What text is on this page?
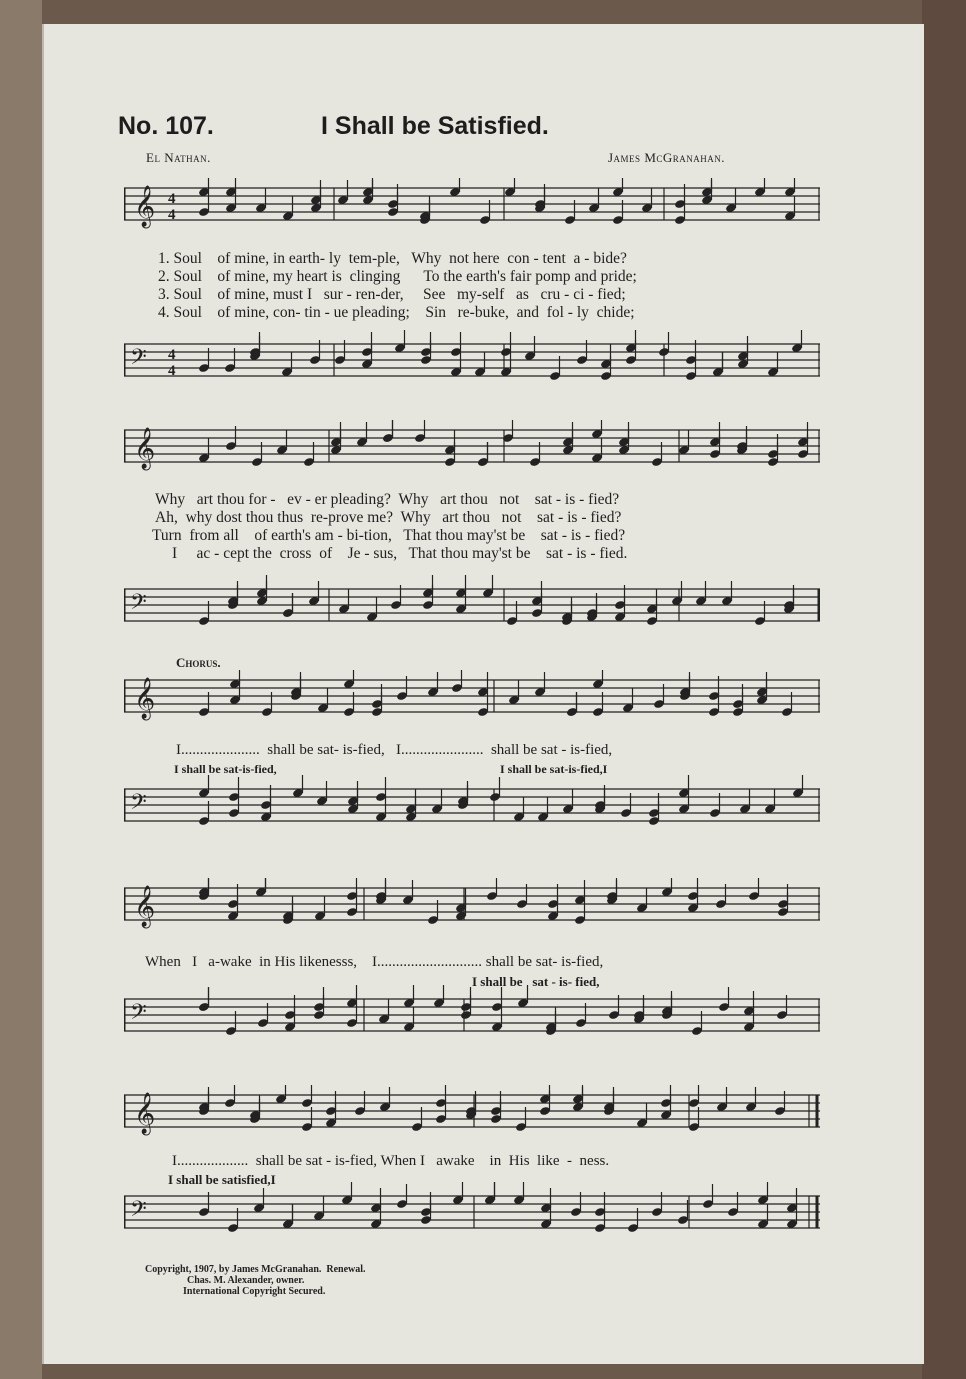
No. 107.	I Shall be Satisfied.
El Nathan.	James McGranahan.
𝄞 4
4
1. Soul    of mine, in earth- ly  tem-ple,   Why  not here  con - tent  a - bide?
2. Soul    of mine, my heart is  clinging      To the earth's fair pomp and pride;
3. Soul    of mine, must I   sur - ren-der,     See   my-self   as   cru - ci - fied;
4. Soul    of mine, con- tin - ue pleading;    Sin   re-buke,  and  fol - ly  chide;
𝄢 4
4
𝄞
Why   art thou for -   ev - er pleading?  Why   art thou   not    sat - is - fied?
Ah,  why dost thou thus  re-prove me?  Why   art thou   not    sat - is - fied?
Turn  from all    of earth's am - bi-tion,   That thou may'st be    sat - is - fied?
I     ac - cept the  cross  of    Je - sus,   That thou may'st be    sat - is - fied.
𝄢
Chorus.
𝄞
I.....................  shall be sat- is-fied,   I......................  shall be sat - is-fied,
I shall be sat-is-fied,	I shall be sat-is-fied,I
𝄢
𝄞
When   I   a-wake  in His likenesss,    I............................ shall be sat- is-fied,
I shall be   sat - is- fied,
𝄢
𝄞
I...................  shall be sat - is-fied, When I   awake    in  His  like  -  ness.
I shall be satisfied,I
𝄢
Copyright, 1907, by James McGranahan.  Renewal.
Chas. M. Alexander, owner.
International Copyright Secured.
